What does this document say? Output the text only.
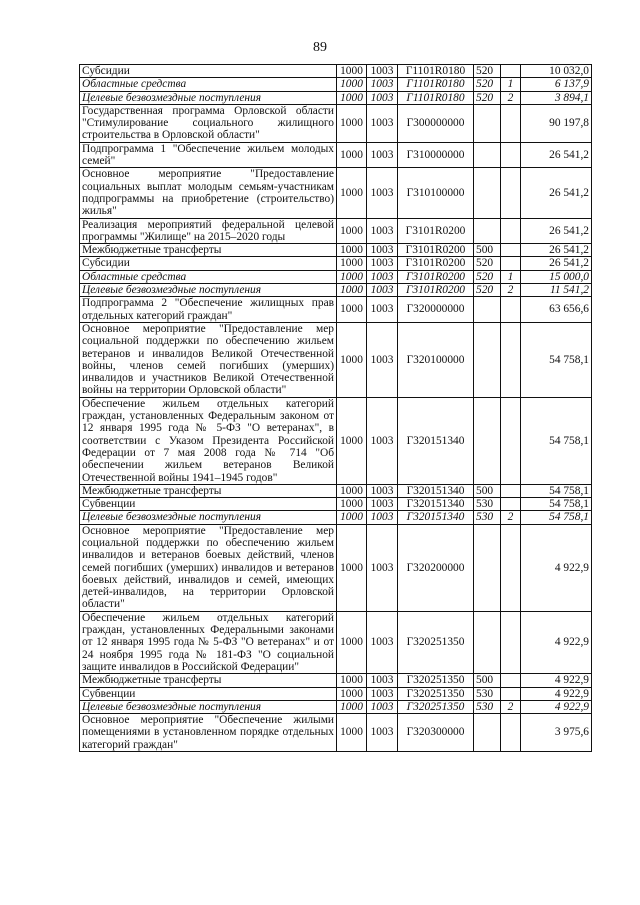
89
Субсидии	1000	1003	Г1101R0180	520		10 032,0
Областные средства	1000	1003	Г1101R0180	520	1	6 137,9
Целевые безвозмездные поступления	1000	1003	Г1101R0180	520	2	3 894,1
Государственная программа Орловской области "Стимулирование социального жилищного строительства в Орловской области"	1000	1003	Г300000000			90 197,8
Подпрограмма 1 "Обеспечение жильем молодых семей"	1000	1003	Г310000000			26 541,2
Основное мероприятие "Предоставление социальных выплат молодым семьям-участникам подпрограммы на приобретение (строительство) жилья"	1000	1003	Г310100000			26 541,2
Реализация мероприятий федеральной целевой программы "Жилище" на 2015–2020 годы	1000	1003	Г3101R0200			26 541,2
Межбюджетные трансферты	1000	1003	Г3101R0200	500		26 541,2
Субсидии	1000	1003	Г3101R0200	520		26 541,2
Областные средства	1000	1003	Г3101R0200	520	1	15 000,0
Целевые безвозмездные поступления	1000	1003	Г3101R0200	520	2	11 541,2
Подпрограмма 2 "Обеспечение жилищных прав отдельных категорий граждан"	1000	1003	Г320000000			63 656,6
Основное мероприятие "Предоставление мер социальной поддержки по обеспечению жильем ветеранов и инвалидов Великой Отечественной войны, членов семей погибших (умерших) инвалидов и участников Великой Отечественной войны на территории Орловской области"	1000	1003	Г320100000			54 758,1
Обеспечение жильем отдельных категорий граждан, установленных Федеральным законом от 12 января 1995 года № 5-ФЗ "О ветеранах", в соответствии с Указом Президента Российской Федерации от 7 мая 2008 года № 714 "Об обеспечении жильем ветеранов Великой Отечественной войны 1941–1945 годов"	1000	1003	Г320151340			54 758,1
Межбюджетные трансферты	1000	1003	Г320151340	500		54 758,1
Субвенции	1000	1003	Г320151340	530		54 758,1
Целевые безвозмездные поступления	1000	1003	Г320151340	530	2	54 758,1
Основное мероприятие "Предоставление мер социальной поддержки по обеспечению жильем инвалидов и ветеранов боевых действий, членов семей погибших (умерших) инвалидов и ветеранов боевых действий, инвалидов и семей, имеющих детей-инвалидов, на территории Орловской области"	1000	1003	Г320200000			4 922,9
Обеспечение жильем отдельных категорий граждан, установленных Федеральными законами от 12 января 1995 года № 5-ФЗ "О ветеранах" и от 24 ноября 1995 года № 181-ФЗ "О социальной защите инвалидов в Российской Федерации"	1000	1003	Г320251350			4 922,9
Межбюджетные трансферты	1000	1003	Г320251350	500		4 922,9
Субвенции	1000	1003	Г320251350	530		4 922,9
Целевые безвозмездные поступления	1000	1003	Г320251350	530	2	4 922,9
Основное мероприятие "Обеспечение жилыми помещениями в установленном порядке отдельных категорий граждан"	1000	1003	Г320300000			3 975,6
